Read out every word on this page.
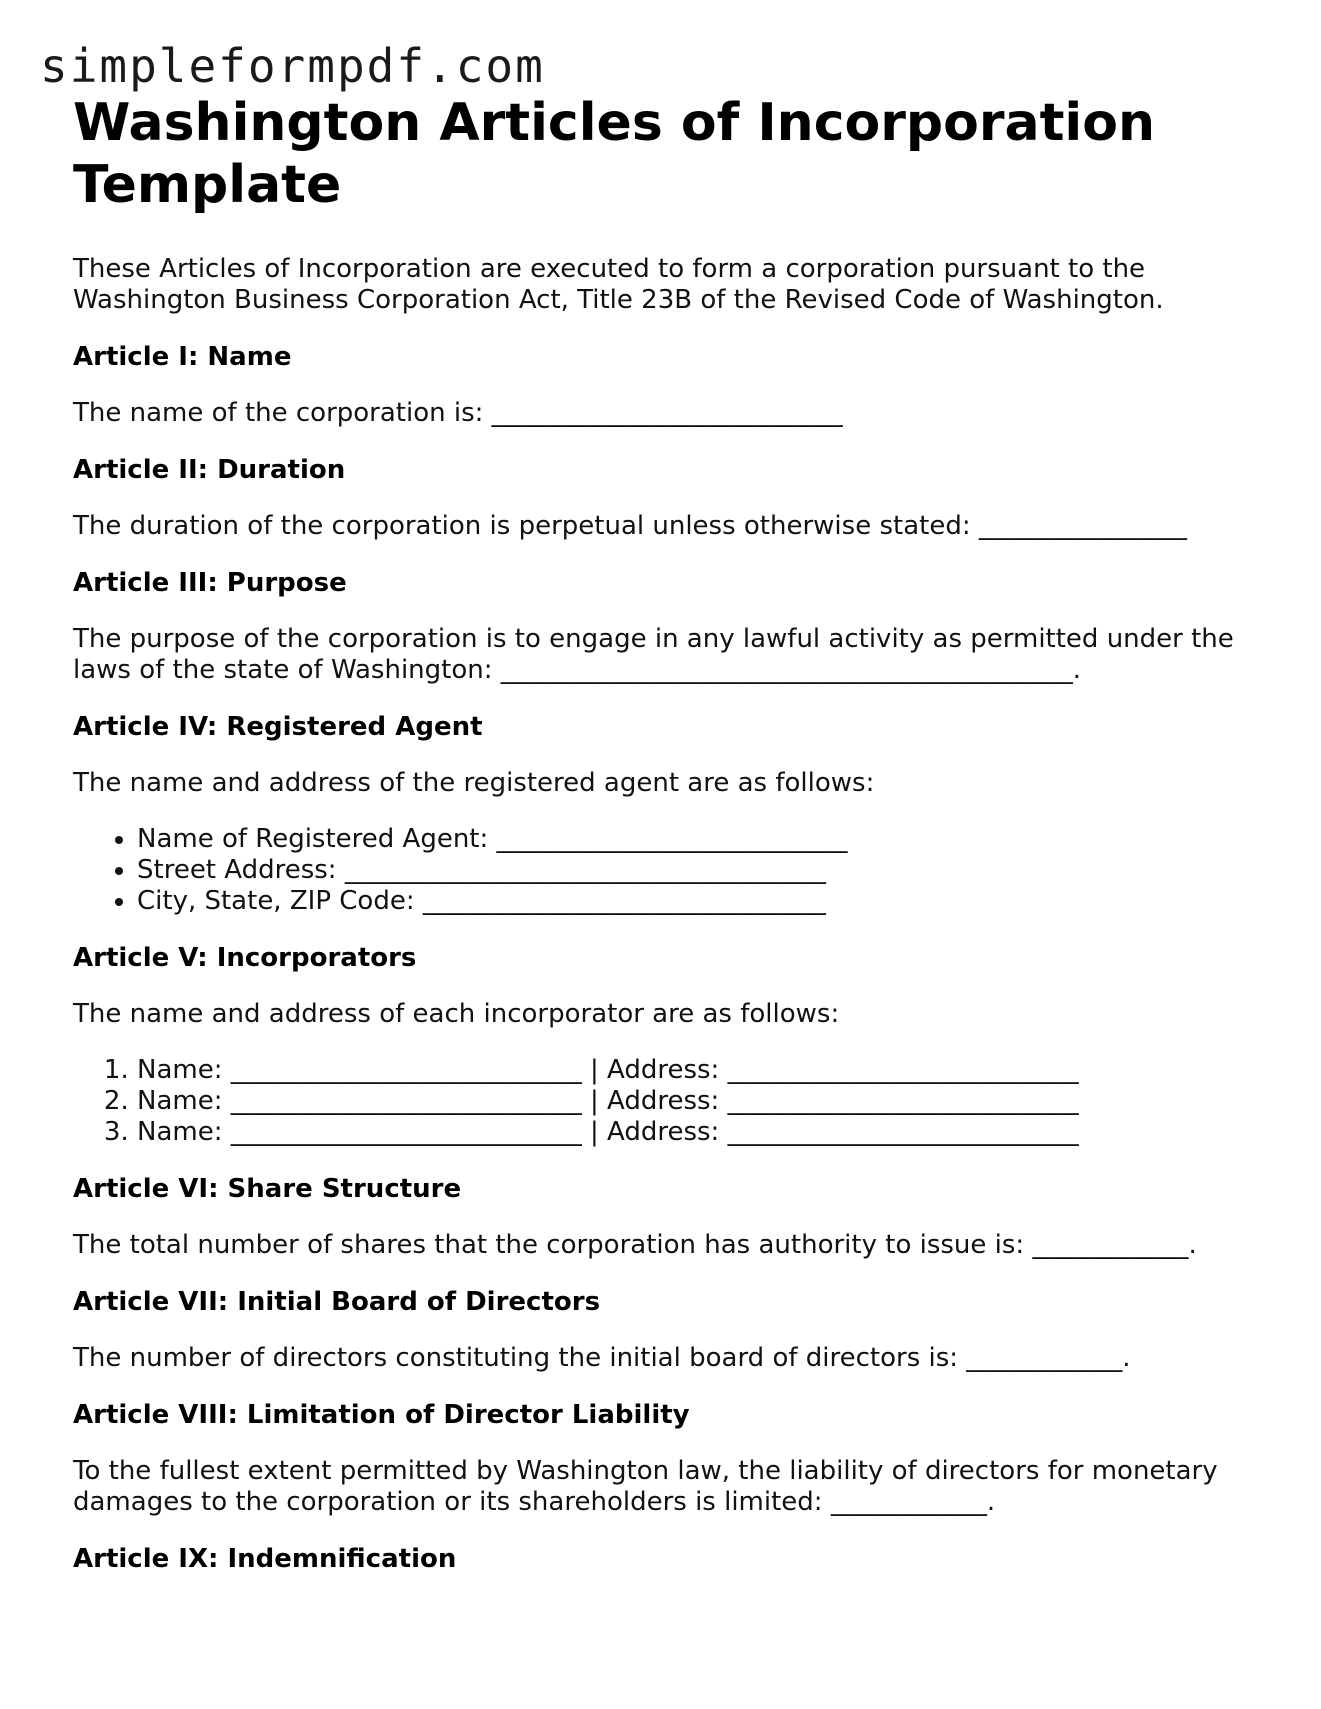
simpleformpdf.com
Washington Articles of Incorporation Template
These Articles of Incorporation are executed to form a corporation pursuant to the Washington Business Corporation Act, Title 23B of the Revised Code of Washington.
Article I: Name

The name of the corporation is: ___________________________

Article II: Duration

The duration of the corporation is perpetual unless otherwise stated: ________________

Article III: Purpose

The purpose of the corporation is to engage in any lawful activity as permitted under the laws of the state of Washington: ____________________________________________.

Article IV: Registered Agent

The name and address of the registered agent are as follows:

• Name of Registered Agent: ___________________________
• Street Address: _____________________________________
• City, State, ZIP Code: _______________________________
Article V: Incorporators

The name and address of each incorporator are as follows:

1. Name: ___________________________ | Address: ___________________________
2. Name: ___________________________ | Address: ___________________________
3. Name: ___________________________ | Address: ___________________________
Article VI: Share Structure

The total number of shares that the corporation has authority to issue is: ____________.

Article VII: Initial Board of Directors

The number of directors constituting the initial board of directors is: ____________.

Article VIII: Limitation of Director Liability

To the fullest extent permitted by Washington law, the liability of directors for monetary damages to the corporation or its shareholders is limited: ____________.

Article IX: Indemnification
